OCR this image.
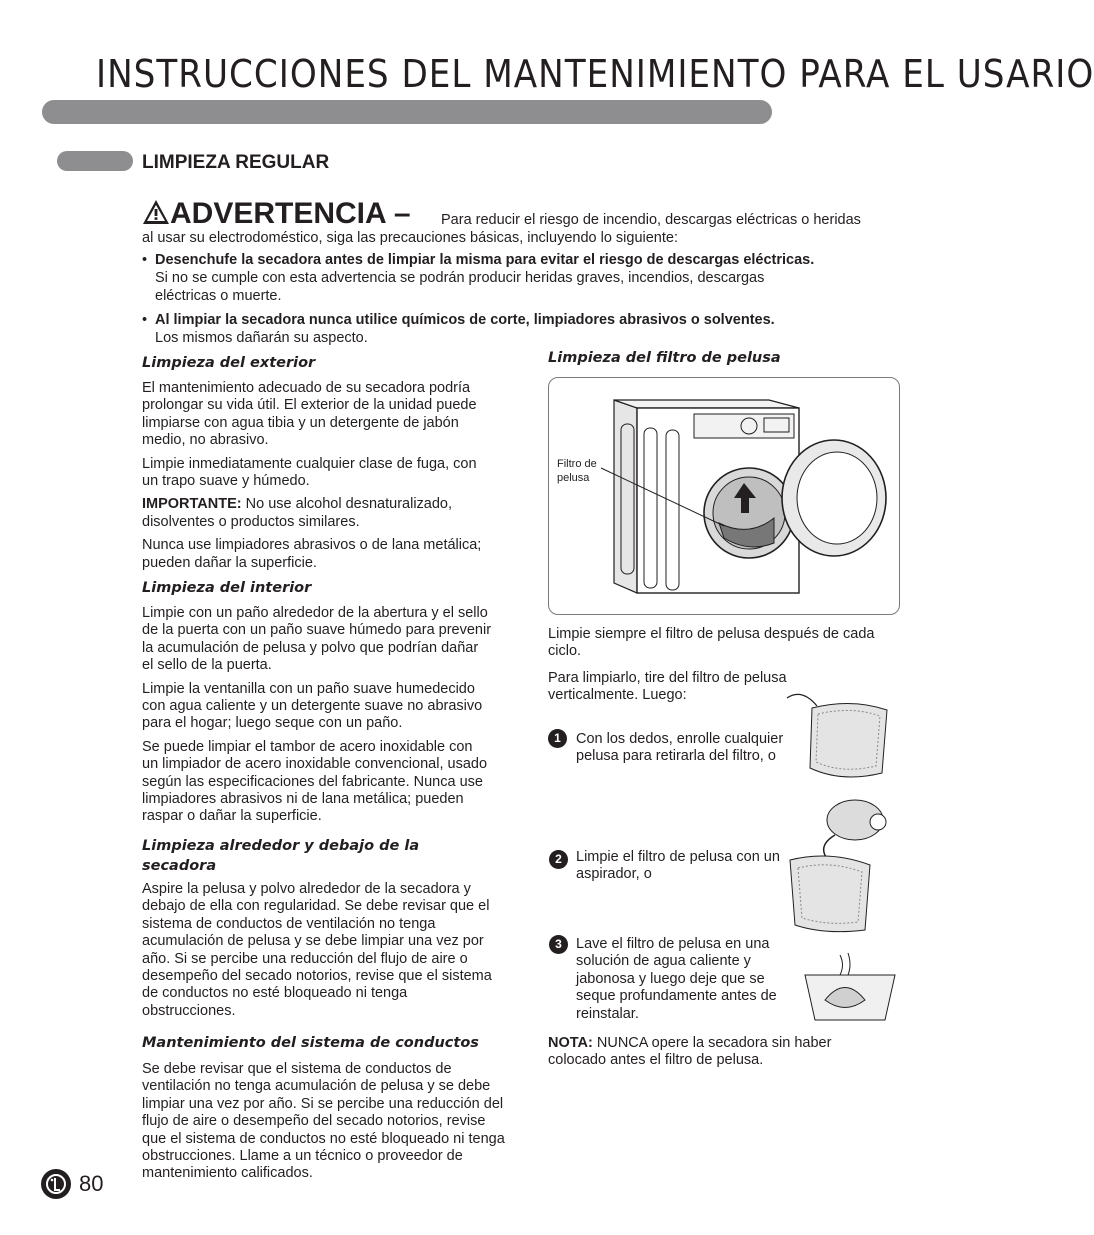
INSTRUCCIONES DEL MANTENIMIENTO PARA EL USARIO
LIMPIEZA REGULAR
ADVERTENCIA – Para reducir el riesgo de incendio, descargas eléctricas o heridas
al usar su electrodoméstico, siga las precauciones básicas, incluyendo lo siguiente:
• Desenchufe la secadora antes de limpiar la misma para evitar el riesgo de descargas eléctricas.
Si no se cumple con esta advertencia se podrán producir heridas graves, incendios, descargas eléctricas o muerte.
• Al limpiar la secadora nunca utilice químicos de corte, limpiadores abrasivos o solventes.
Los mismos dañarán su aspecto.
Limpieza del exterior

El mantenimiento adecuado de su secadora podría prolongar su vida útil. El exterior de la unidad puede limpiarse con agua tibia y un detergente de jabón medio, no abrasivo.

Limpie inmediatamente cualquier clase de fuga, con un trapo suave y húmedo.

IMPORTANTE: No use alcohol desnaturalizado, disolventes o productos similares.

Nunca use limpiadores abrasivos o de lana metálica; pueden dañar la superficie.

Limpieza del interior

Limpie con un paño alrededor de la abertura y el sello de la puerta con un paño suave húmedo para prevenir la acumulación de pelusa y polvo que podrían dañar el sello de la puerta.

Limpie la ventanilla con un paño suave humedecido con agua caliente y un detergente suave no abrasivo para el hogar; luego seque con un paño.

Se puede limpiar el tambor de acero inoxidable con un limpiador de acero inoxidable convencional, usado según las especificaciones del fabricante. Nunca use limpiadores abrasivos ni de lana metálica; pueden raspar o dañar la superficie.

Limpieza alrededor y debajo de la secadora

Aspire la pelusa y polvo alrededor de la secadora y debajo de ella con regularidad. Se debe revisar que el sistema de conductos de ventilación no tenga acumulación de pelusa y se debe limpiar una vez por año. Si se percibe una reducción del flujo de aire o desempeño del secado notorios, revise que el sistema de conductos no esté bloqueado ni tenga obstrucciones.

Mantenimiento del sistema de conductos

Se debe revisar que el sistema de conductos de ventilación no tenga acumulación de pelusa y se debe limpiar una vez por año. Si se percibe una reducción del flujo de aire o desempeño del secado notorios, revise que el sistema de conductos no esté bloqueado ni tenga obstrucciones. Llame a un técnico o proveedor de mantenimiento calificados.

Limpieza del filtro de pelusa
Filtro de pelusa

Limpie siempre el filtro de pelusa después de cada ciclo.

Para limpiarlo, tire del filtro de pelusa verticalmente. Luego:

1	Con los dedos, enrolle cualquier pelusa para retirarla del filtro, o
2 Limpie el filtro de pelusa con un aspirador, o
3 Lave el filtro de pelusa en una solución de agua caliente y jabonosa y luego deje que se seque profundamente antes de reinstalar.
NOTA: NUNCA opere la secadora sin haber colocado antes el filtro de pelusa.
80
